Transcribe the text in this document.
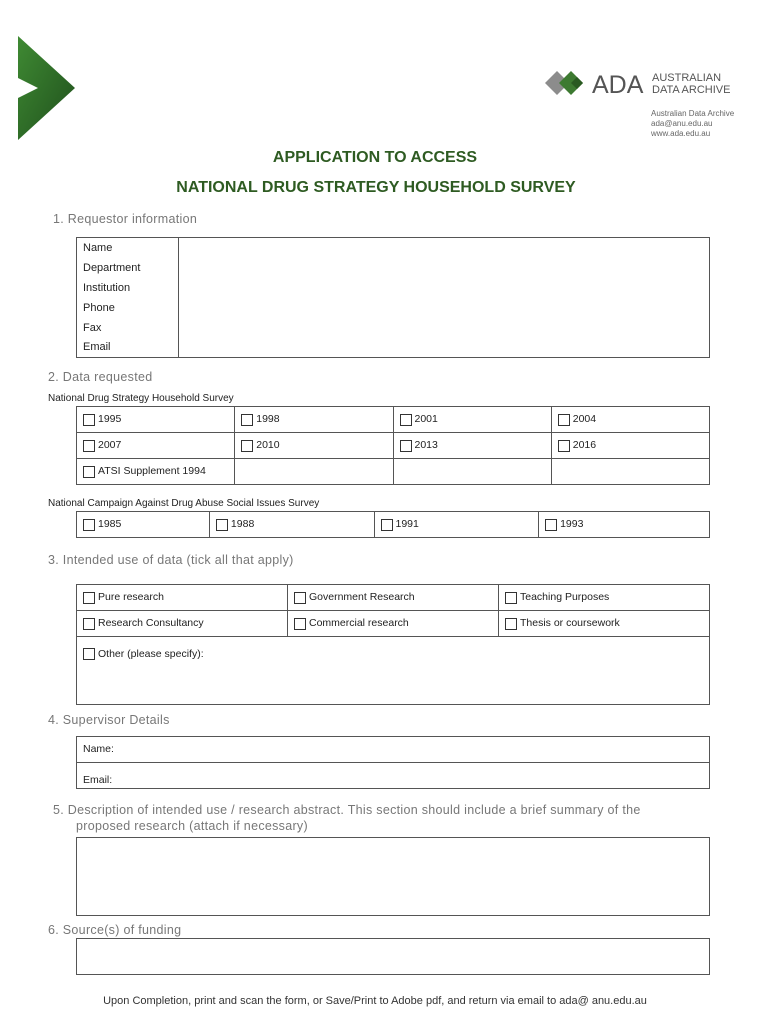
ADA AUSTRALIAN
DATA ARCHIVE
Australian Data Archive
ada@anu.edu.au
www.ada.edu.au
APPLICATION TO ACCESS
NATIONAL DRUG STRATEGY HOUSEHOLD SURVEY
1. Requestor information
Name	
Department	
Institution	
Phone	
Fax	
Email	
2. Data requested
National Drug Strategy Household Survey
1995	1998	2001	2004
2007	2010	2013	2016
ATSI Supplement 1994			
National Campaign Against Drug Abuse Social Issues Survey
1985	1988	1991	1993
3. Intended use of data (tick all that apply)
Pure research	Government Research	Teaching Purposes
Research Consultancy	Commercial research	Thesis or coursework
Other (please specify):		
4. Supervisor Details
Name:
Email:
5. Description of intended use / research abstract. This section should include a brief summary of the
proposed research (attach if necessary)
6. Source(s) of funding
Upon Completion, print and scan the form, or Save/Print to Adobe pdf, and return via email to ada@ anu.edu.au
